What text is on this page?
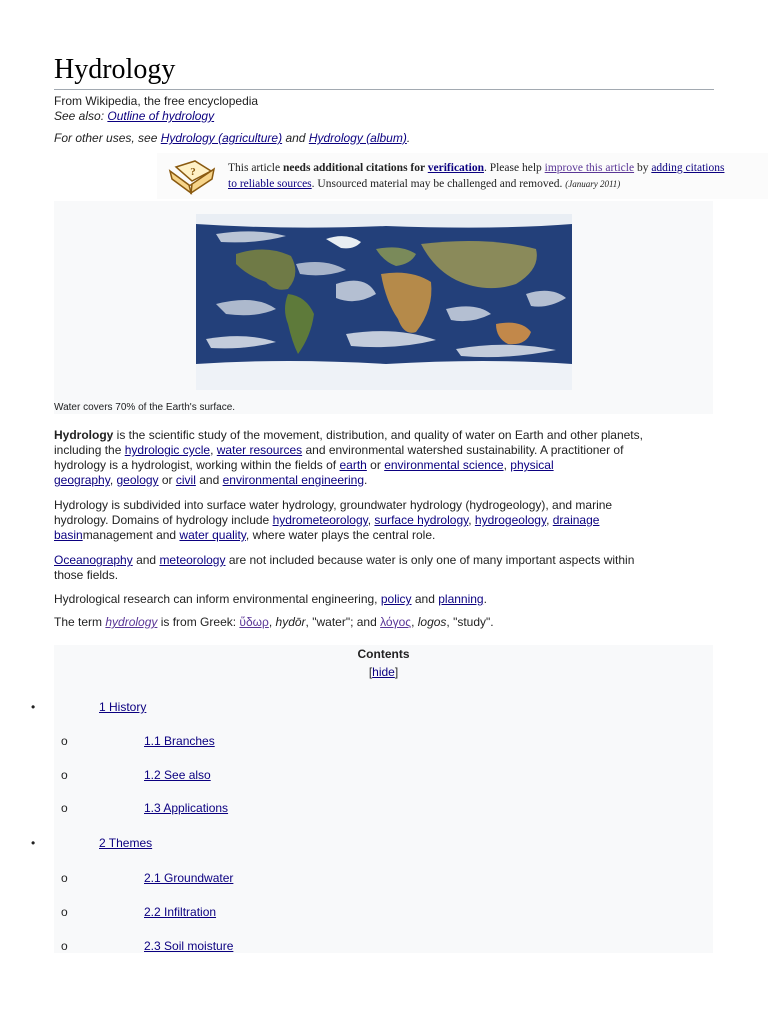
Hydrology
From Wikipedia, the free encyclopedia
See also: Outline of hydrology
For other uses, see Hydrology (agriculture) and Hydrology (album).
?	This article needs additional citations for verification. Please help improve this article by adding citations
to reliable sources. Unsourced material may be challenged and removed. (January 2011)
Water covers 70% of the Earth's surface.
Hydrology is the scientific study of the movement, distribution, and quality of water on Earth and other planets,
including the hydrologic cycle, water resources and environmental watershed sustainability. A practitioner of
hydrology is a hydrologist, working within the fields of earth or environmental science, physical
geography, geology or civil and environmental engineering.
Hydrology is subdivided into surface water hydrology, groundwater hydrology (hydrogeology), and marine
hydrology. Domains of hydrology include hydrometeorology, surface hydrology, hydrogeology, drainage
basinmanagement and water quality, where water plays the central role.
Oceanography and meteorology are not included because water is only one of many important aspects within
those fields.
Hydrological research can inform environmental engineering, policy and planning.
The term hydrology is from Greek: ὕδωρ, hydōr, "water"; and λόγος, logos, "study".
Contents
[hide]
•	1 History
o	1.1 Branches
o	1.2 See also
o	1.3 Applications
•	2 Themes
o	2.1 Groundwater
o	2.2 Infiltration
o	2.3 Soil moisture
